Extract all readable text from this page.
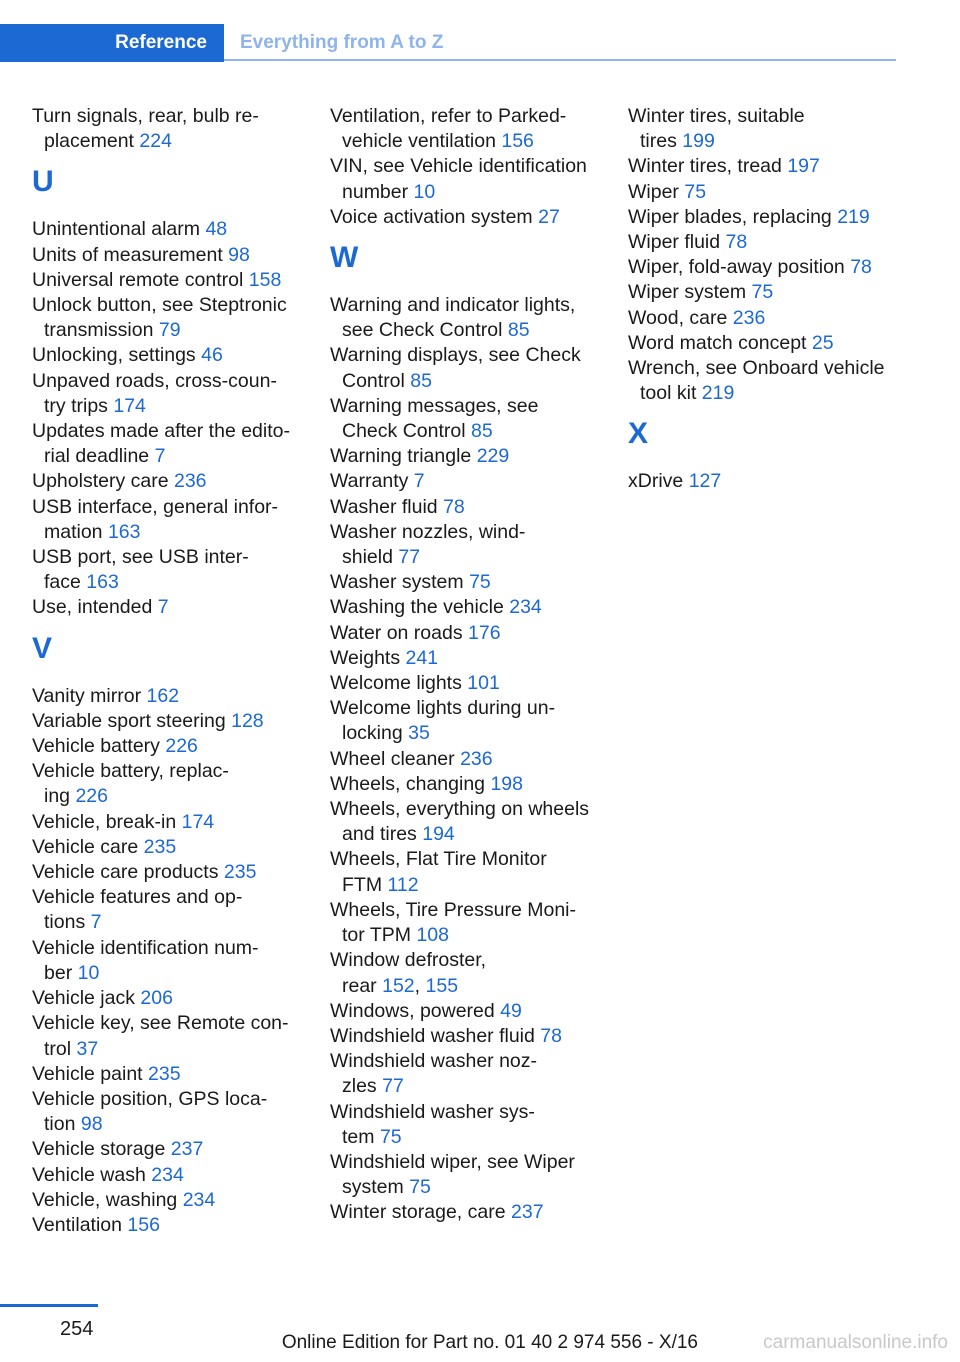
Reference	Everything from A to Z

Turn signals, rear, bulb re-
placement 224

U

Unintentional alarm 48

Units of measurement 98

Universal remote control 158

Unlock button, see Steptronic
transmission 79

Unlocking, settings 46

Unpaved roads, cross-coun-
try trips 174

Updates made after the edito-
rial deadline 7

Upholstery care 236

USB interface, general infor-
mation 163

USB port, see USB inter-
face 163

Use, intended 7

V

Vanity mirror 162

Variable sport steering 128

Vehicle battery 226

Vehicle battery, replac-
ing 226

Vehicle, break-in 174

Vehicle care 235

Vehicle care products 235

Vehicle features and op-
tions 7

Vehicle identification num-
ber 10

Vehicle jack 206

Vehicle key, see Remote con-
trol 37

Vehicle paint 235

Vehicle position, GPS loca-
tion 98

Vehicle storage 237

Vehicle wash 234

Vehicle, washing 234

Ventilation 156

Ventilation, refer to Parked-
vehicle ventilation 156

VIN, see Vehicle identification
number 10

Voice activation system 27

W

Warning and indicator lights,
see Check Control 85

Warning displays, see Check
Control 85

Warning messages, see
Check Control 85

Warning triangle 229

Warranty 7

Washer fluid 78

Washer nozzles, wind-
shield 77

Washer system 75

Washing the vehicle 234

Water on roads 176

Weights 241

Welcome lights 101

Welcome lights during un-
locking 35

Wheel cleaner 236

Wheels, changing 198

Wheels, everything on wheels
and tires 194

Wheels, Flat Tire Monitor
FTM 112

Wheels, Tire Pressure Moni-
tor TPM 108

Window defroster,
rear 152, 155

Windows, powered 49

Windshield washer fluid 78

Windshield washer noz-
zles 77

Windshield washer sys-
tem 75

Windshield wiper, see Wiper
system 75

Winter storage, care 237

Winter tires, suitable
tires 199

Winter tires, tread 197

Wiper 75

Wiper blades, replacing 219

Wiper fluid 78

Wiper, fold-away position 78

Wiper system 75

Wood, care 236

Word match concept 25

Wrench, see Onboard vehicle
tool kit 219

X

xDrive 127

254
Online Edition for Part no. 01 40 2 974 556 - X/16	carmanualsonline.info
